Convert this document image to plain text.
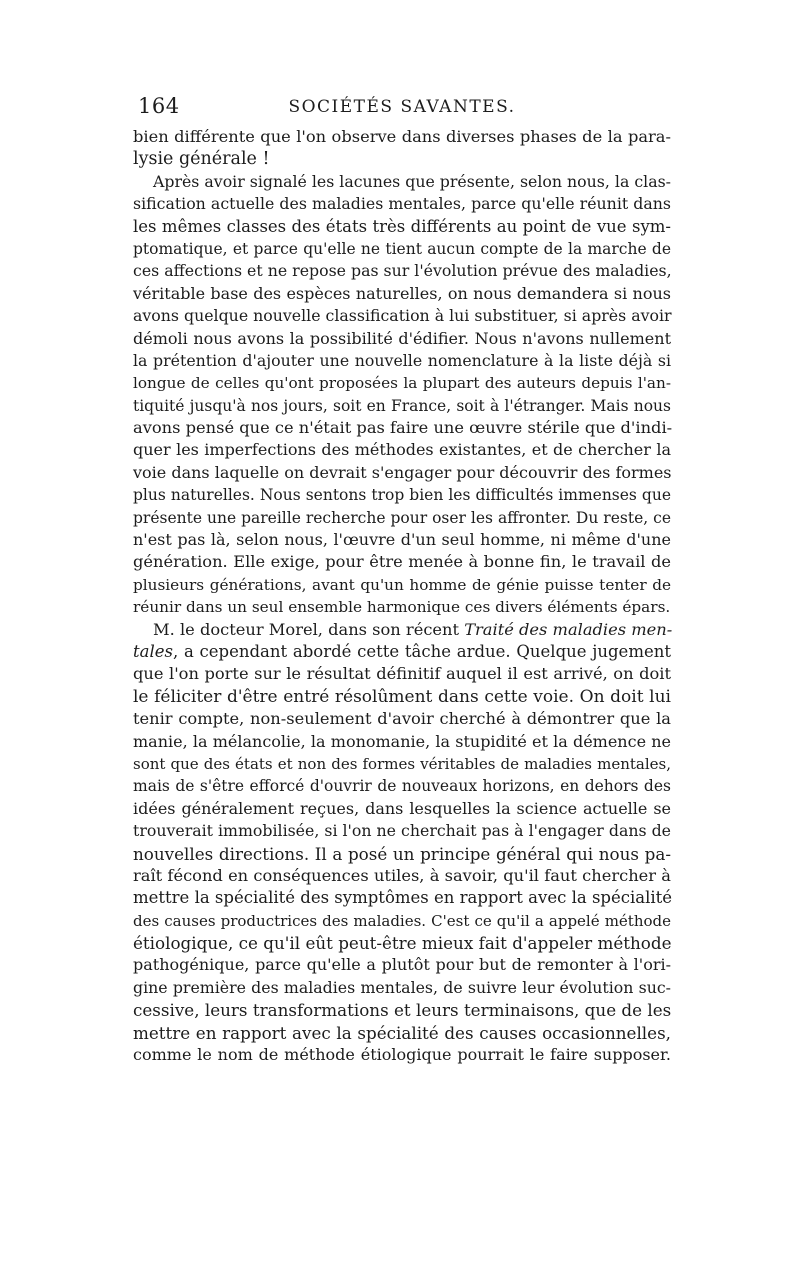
164	SOCIÉTÉS SAVANTES.
bien différente que l'on observe dans diverses phases de la para-
lysie générale !
Après avoir signalé les lacunes que présente, selon nous, la clas-
sification actuelle des maladies mentales, parce qu'elle réunit dans
les mêmes classes des états très différents au point de vue sym-
ptomatique, et parce qu'elle ne tient aucun compte de la marche de
ces affections et ne repose pas sur l'évolution prévue des maladies,
véritable base des espèces naturelles, on nous demandera si nous
avons quelque nouvelle classification à lui substituer, si après avoir
démoli nous avons la possibilité d'édifier. Nous n'avons nullement
la prétention d'ajouter une nouvelle nomenclature à la liste déjà si
longue de celles qu'ont proposées la plupart des auteurs depuis l'an-
tiquité jusqu'à nos jours, soit en France, soit à l'étranger. Mais nous
avons pensé que ce n'était pas faire une œuvre stérile que d'indi-
quer les imperfections des méthodes existantes, et de chercher la
voie dans laquelle on devrait s'engager pour découvrir des formes
plus naturelles. Nous sentons trop bien les difficultés immenses que
présente une pareille recherche pour oser les affronter. Du reste, ce
n'est pas là, selon nous, l'œuvre d'un seul homme, ni même d'une
génération. Elle exige, pour être menée à bonne fin, le travail de
plusieurs générations, avant qu'un homme de génie puisse tenter de
réunir dans un seul ensemble harmonique ces divers éléments épars.
M. le docteur Morel, dans son récent Traité des maladies men-
tales, a cependant abordé cette tâche ardue. Quelque jugement
que l'on porte sur le résultat définitif auquel il est arrivé, on doit
le féliciter d'être entré résolûment dans cette voie. On doit lui
tenir compte, non-seulement d'avoir cherché à démontrer que la
manie, la mélancolie, la monomanie, la stupidité et la démence ne
sont que des états et non des formes véritables de maladies mentales,
mais de s'être efforcé d'ouvrir de nouveaux horizons, en dehors des
idées généralement reçues, dans lesquelles la science actuelle se
trouverait immobilisée, si l'on ne cherchait pas à l'engager dans de
nouvelles directions. Il a posé un principe général qui nous pa-
raît fécond en conséquences utiles, à savoir, qu'il faut chercher à
mettre la spécialité des symptômes en rapport avec la spécialité
des causes productrices des maladies. C'est ce qu'il a appelé méthode
étiologique, ce qu'il eût peut-être mieux fait d'appeler méthode
pathogénique, parce qu'elle a plutôt pour but de remonter à l'ori-
gine première des maladies mentales, de suivre leur évolution suc-
cessive, leurs transformations et leurs terminaisons, que de les
mettre en rapport avec la spécialité des causes occasionnelles,
comme le nom de méthode étiologique pourrait le faire supposer.
